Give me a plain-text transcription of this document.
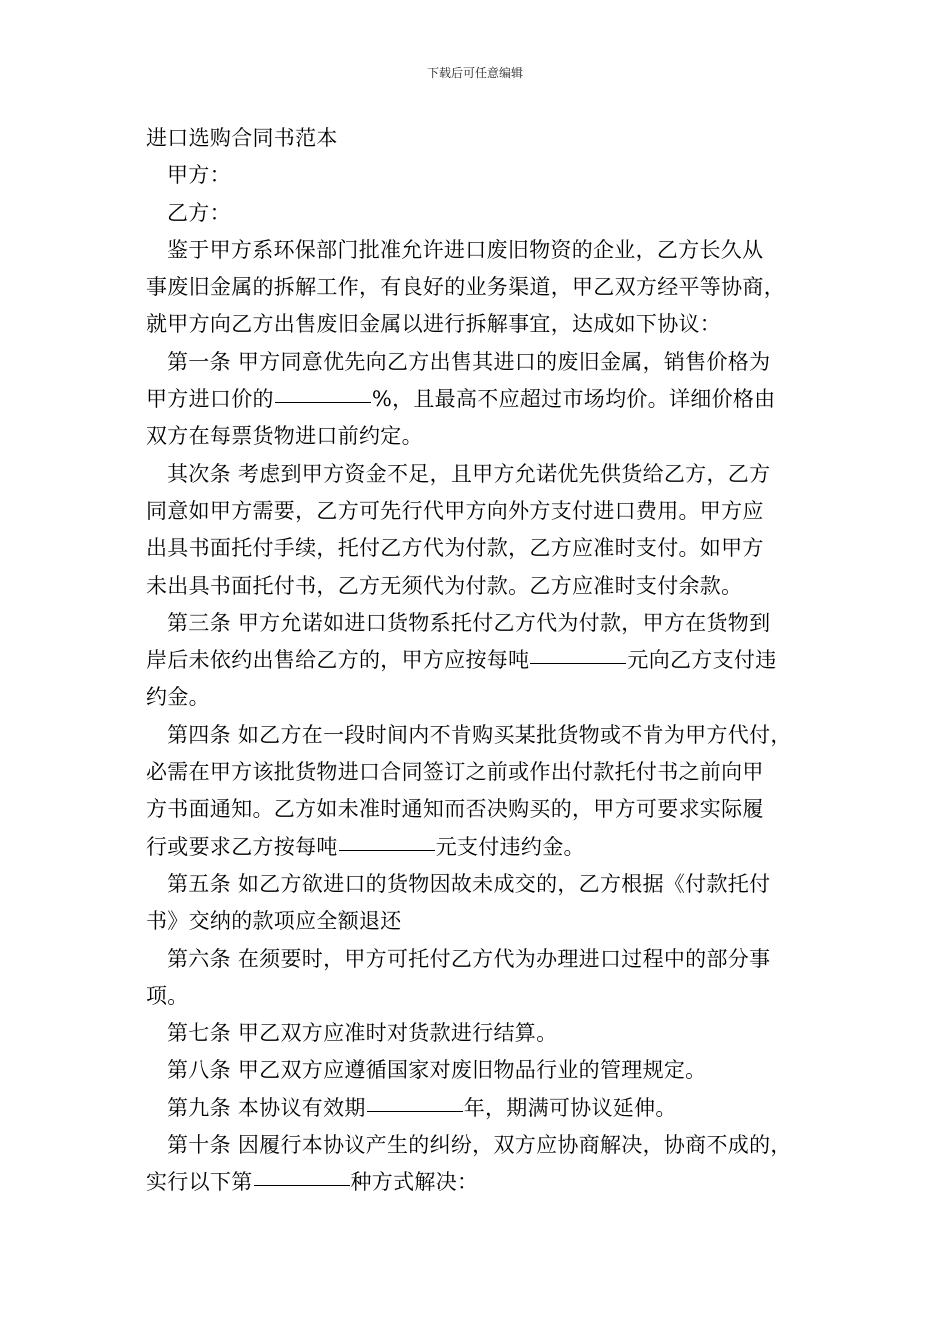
下载后可任意编辑
进口选购合同书范本
甲方：
乙方：
鉴于甲方系环保部门批准允许进口废旧物资的企业，乙方长久从
事废旧金属的拆解工作，有良好的业务渠道，甲乙双方经平等协商，
就甲方向乙方出售废旧金属以进行拆解事宜，达成如下协议：
第一条 甲方同意优先向乙方出售其进口的废旧金属，销售价格为
甲方进口价的	%，且最高不应超过市场均价。详细价格由
双方在每票货物进口前约定。
其次条 考虑到甲方资金不足，且甲方允诺优先供货给乙方，乙方
同意如甲方需要，乙方可先行代甲方向外方支付进口费用。甲方应
出具书面托付手续，托付乙方代为付款，乙方应准时支付。如甲方
未出具书面托付书，乙方无须代为付款。乙方应准时支付余款。
第三条 甲方允诺如进口货物系托付乙方代为付款，甲方在货物到
岸后未依约出售给乙方的，甲方应按每吨	元向乙方支付违
约金。
第四条 如乙方在一段时间内不肯购买某批货物或不肯为甲方代付，
必需在甲方该批货物进口合同签订之前或作出付款托付书之前向甲
方书面通知。乙方如未准时通知而否决购买的，甲方可要求实际履
行或要求乙方按每吨	元支付违约金。
第五条 如乙方欲进口的货物因故未成交的，乙方根据《付款托付
书》交纳的款项应全额退还
第六条 在须要时，甲方可托付乙方代为办理进口过程中的部分事
项。
第七条 甲乙双方应准时对货款进行结算。
第八条 甲乙双方应遵循国家对废旧物品行业的管理规定。
第九条 本协议有效期	年，期满可协议延伸。
第十条 因履行本协议产生的纠纷，双方应协商解决，协商不成的，
实行以下第	种方式解决：
